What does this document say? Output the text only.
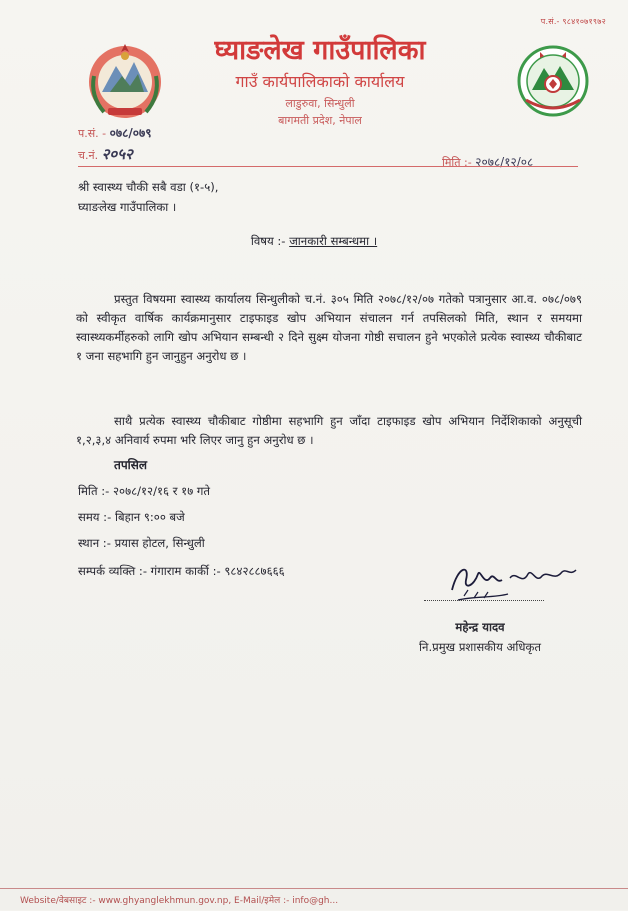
प.सं.- ९८४१०७१९७२
घ्याङलेख गाउँपालिका
गाउँ कार्यपालिकाको कार्यालय
लाडुरुवा, सिन्धुली
बागमती प्रदेश, नेपाल
प.सं. - ०७८/०७९
च.नं. २०५२	मिति :- २०७८/१२/०८
श्री स्वास्थ्य चौकी सबै वडा (१-५),
घ्याङलेख गाउँपालिका ।
विषय :- जानकारी सम्बन्धमा ।
प्रस्तुत विषयमा स्वास्थ्य कार्यालय सिन्धुलीको च.नं. ३०५ मिति २०७८/१२/०७ गतेको पत्रानुसार आ.व. ०७८/०७९ को स्वीकृत वार्षिक कार्यक्रमानुसार टाइफाइड खोप अभियान संचालन गर्न तपसिलको मिति, स्थान र समयमा स्वास्थ्यकर्मीहरुको लागि खोप अभियान सम्बन्धी २ दिने सुक्ष्म योजना गोष्ठी सचालन हुने भएकोले प्रत्येक स्वास्थ्य चौकीबाट १ जना सहभागि हुन जानुहुन अनुरोध छ ।
साथै प्रत्येक स्वास्थ्य चौकीबाट गोष्ठीमा सहभागि हुन जाँदा टाइफाइड खोप अभियान निर्देशिकाको अनुसूची १,२,३,४ अनिवार्य रुपमा भरि लिएर जानु हुन अनुरोध छ ।
तपसिल
मिति :- २०७८/१२/१६ र १७ गते
समय :- बिहान ९:०० बजे
स्थान :- प्रयास होटल, सिन्धुली
सम्पर्क व्यक्ति :- गंगाराम कार्की :- ९८४२८८७६६६
महेन्द्र यादव
नि.प्रमुख प्रशासकीय अधिकृत
Website/वेबसाइट :- www.ghyanglekhmun.gov.np, E-Mail/इमेल :- info@gh...
